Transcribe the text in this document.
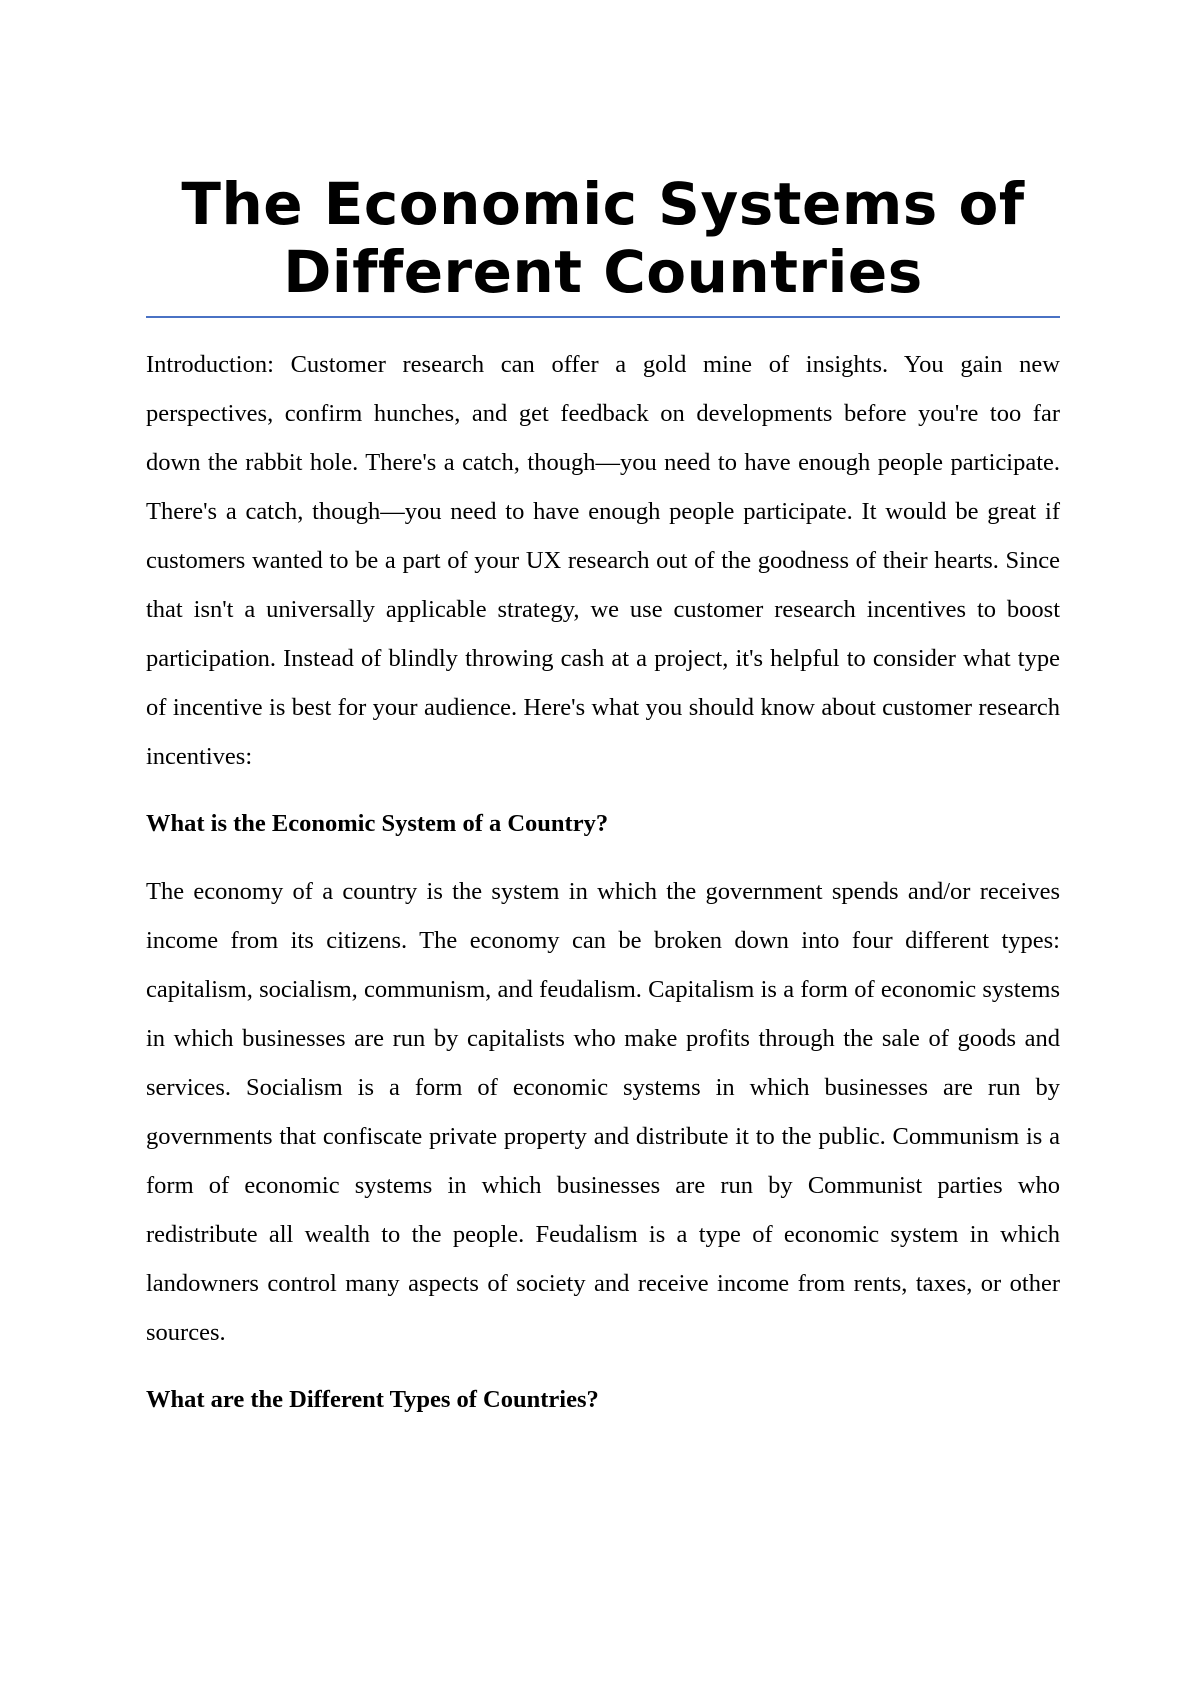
The Economic Systems of Different Countries

Introduction: Customer research can offer a gold mine of insights. You gain new perspectives, confirm hunches, and get feedback on developments before you're too far down the rabbit hole. There's a catch, though—you need to have enough people participate. There's a catch, though—you need to have enough people participate. It would be great if customers wanted to be a part of your UX research out of the goodness of their hearts. Since that isn't a universally applicable strategy, we use customer research incentives to boost participation. Instead of blindly throwing cash at a project, it's helpful to consider what type of incentive is best for your audience. Here's what you should know about customer research incentives:

What is the Economic System of a Country?

The economy of a country is the system in which the government spends and/or receives income from its citizens. The economy can be broken down into four different types: capitalism, socialism, communism, and feudalism. Capitalism is a form of economic systems in which businesses are run by capitalists who make profits through the sale of goods and services. Socialism is a form of economic systems in which businesses are run by governments that confiscate private property and distribute it to the public. Communism is a form of economic systems in which businesses are run by Communist parties who redistribute all wealth to the people. Feudalism is a type of economic system in which landowners control many aspects of society and receive income from rents, taxes, or other sources.

What are the Different Types of Countries?
